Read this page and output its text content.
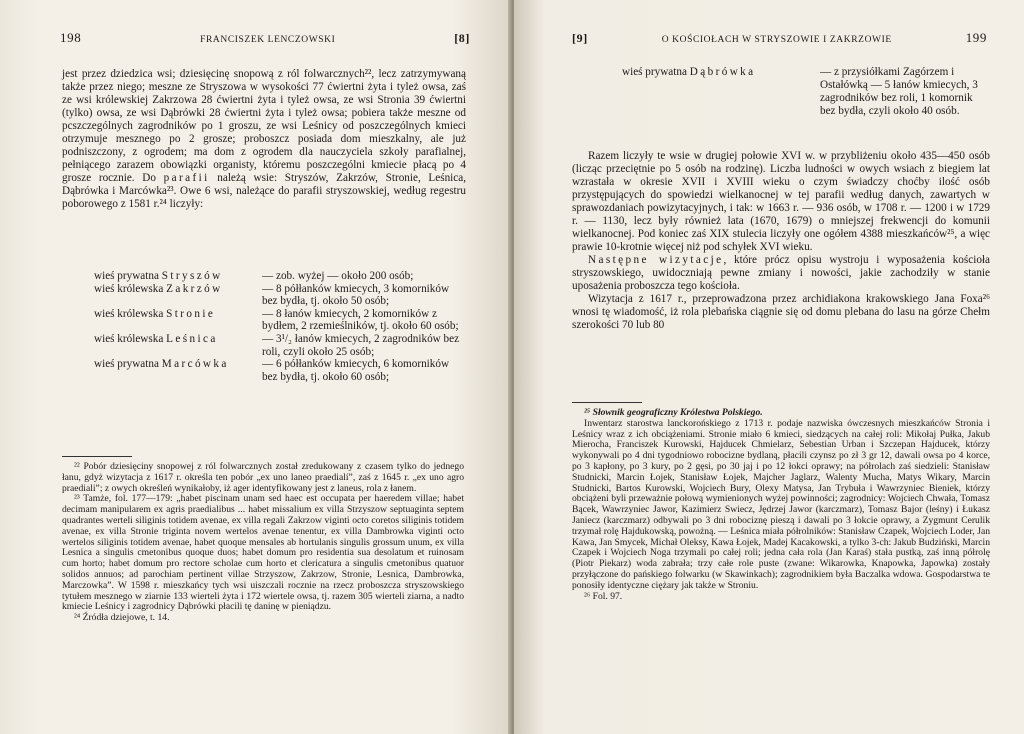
198	FRANCISZEK LENCZOWSKI	[8]

jest przez dziedzica wsi; dziesięcinę snopową z ról folwarcznych²², lecz zatrzymywaną także przez niego; meszne ze Stryszowa w wysokości 77 ćwiertni żyta i tyleż owsa, zaś ze wsi królewskiej Zakrzowa 28 ćwiertni żyta i tyleż owsa, ze wsi Stronia 39 ćwiertni (tylko) owsa, ze wsi Dąbrówki 28 ćwiertni żyta i tyleż owsa; pobiera także meszne od pcszczególnych zagrodników po 1 groszu, ze wsi Leśnicy od poszczególnych kmieci otrzymuje mesznego po 2 grosze; proboszcz posiada dom mieszkalny, ale już podniszczony, z ogrodem; ma dom z ogrodem dla nauczyciela szkoły parafialnej, pełniącego zarazem obowiązki organisty, któremu poszczególni kmiecie płacą po 4 grosze rocznie. Do parafii należą wsie: Stryszów, Zakrzów, Stronie, Leśnica, Dąbrówka i Marcówka²³. Owe 6 wsi, należące do parafii stryszowskiej, według regestru poborowego z 1581 r.²⁴ liczyły:

wieś prywatna Stryszów	— zob. wyżej — około 200 osób;
wieś królewska Zakrzów	— 8 półłanków kmiecych, 3 komorników bez bydła, tj. około 50 osób;
wieś królewska Stronie	— 8 łanów kmiecych, 2 komorników z bydłem, 2 rzemieślników, tj. około 60 osób;
wieś królewska Leśnica	— 3¹/₂ łanów kmiecych, 2 zagrodników bez roli, czyli około 25 osób;
wieś prywatna Marcówka	— 6 półłanków kmiecych, 6 komorników bez bydła, tj. około 60 osób;

²² Pobór dziesięciny snopowej z ról folwarcznych został zredukowany z czasem tylko do jednego łanu, gdyż wizytacja z 1617 r. określa ten pobór „ex uno laneo praedialí”, zaś z 1645 r. „ex uno agro praediali”; z owych określeń wynikałoby, iż ager identyfikowany jest z laneus, rola z łanem.

²³ Tamże, fol. 177—179: „habet piscinam unam sed haec est occupata per haeredem villae; habet decimam manipularem ex agris praedialibus ... habet missalium ex villa Strzyszow septuaginta septem quadrantes werteli siliginis totidem avenae, ex villa regali Zakrzow viginti octo coretos siliginis totidem avenae, ex villa Stronie triginta novem wertelos avenae tenentur, ex villa Dambrowka viginti octo wertelos siliginis totidem avenae, habet quoque mensales ab hortulanis singulis grossum unum, ex villa Lesnica a singulis cmetonibus quoque duos; habet domum pro residentia sua desolatum et ruinosam cum horto; habet domum pro rectore scholae cum horto et clericatura a singulis cmetonibus quatuor solidos annuos; ad parochiam pertinent villae Strzyszow, Zakrzow, Stronie, Lesnica, Dambrowka, Marczowka”. W 1598 r. mieszkańcy tych wsi uiszczali rocznie na rzecz proboszcza stryszowskiego tytułem mesznego w ziarnie 133 wierteli żyta i 172 wiertele owsa, tj. razem 305 wierteli ziarna, a nadto kmiecie Leśnicy i zagrodnicy Dąbrówki płacili tę daninę w pieniądzu.

²⁴ Źródła dziejowe, t. 14.

[9]	O KOŚCIOŁACH W STRYSZOWIE I ZAKRZOWIE	199
wieś prywatna Dąbrówka	— z przysiółkami Zagórzem i Ostałówką — 5 łanów kmiecych, 3 zagrodników bez roli, 1 komornik bez bydła, czyli około 40 osób.

Razem liczyły te wsie w drugiej połowie XVI w. w przybliżeniu około 435—450 osób (licząc przeciętnie po 5 osób na rodzinę). Liczba ludności w owych wsiach z biegiem lat wzrastała w okresie XVII i XVIII wieku o czym świadczy choćby ilość osób przystępujących do spowiedzi wielkanocnej w tej parafii według danych, zawartych w sprawozdaniach powizytacyjnych, i tak: w 1663 r. — 936 osób, w 1708 r. — 1200 i w 1729 r. — 1130, lecz były również lata (1670, 1679) o mniejszej frekwencji do komunii wielkanocnej. Pod koniec zaś XIX stulecia liczyły one ogółem 4388 mieszkańców²⁵, a więc prawie 10-krotnie więcej niż pod schyłek XVI wieku.

Następne wizytacje, które prócz opisu wystroju i wyposażenia kościoła stryszowskiego, uwidoczniają pewne zmiany i nowości, jakie zachodziły w stanie uposażenia proboszcza tego kościoła.

Wizytacja z 1617 r., przeprowadzona przez archidiakona krakowskiego Jana Foxa²⁶ wnosi tę wiadomość, iż rola plebańska ciągnie się od domu plebana do lasu na górze Chełm szerokości 70 lub 80

²⁵ Słownik geograficzny Królestwa Polskiego.

Inwentarz starostwa lanckorońskiego z 1713 r. podaje nazwiska ówczesnych mieszkańców Stronia i Leśnicy wraz z ich obciążeniami. Stronie miało 6 kmieci, siedzących na całej roli: Mikołaj Pułka, Jakub Mierocha, Franciszek Kurowski, Hajducek Chmielarz, Sebestian Urban i Szczepan Hajducek, którzy wykonywali po 4 dni tygodniowo robocizne bydlaną, płacili czynsz po zł 3 gr 12, dawali owsa po 4 korce, po 3 kapłony, po 3 kury, po 2 gęsi, po 30 jaj i po 12 łokci oprawy; na półrolach zaś siedzieli: Stanisław Studnicki, Marcin Łojek, Stanisław Łojek, Majcher Jaglarz, Walenty Mucha, Matys Wikary, Marcin Studnicki, Bartos Kurowski, Wojciech Bury, Olexy Matysa, Jan Trybuła i Wawrzyniec Bieniek, którzy obciążeni byli przeważnie połową wymienionych wyżej powinności; zagrodnicy: Wojciech Chwała, Tomasz Bącek, Wawrzyniec Jawor, Kazimierz Swiecz, Jędrzej Jawor (karczmarz), Tomasz Bajor (leśny) i Łukasz Janiecz (karczmarz) odbywali po 3 dni robociznę pieszą i dawali po 3 łokcie oprawy, a Zygmunt Cerulik trzymał rolę Hajdukowską, powożną. — Leśnica miała półrolników: Stanisław Czapek, Wojciech Loder, Jan Kawa, Jan Smycek, Michał Oleksy, Kawa Łojek, Madej Kacakowski, a tylko 3-ch: Jakub Budziński, Marcin Czapek i Wojciech Noga trzymali po całej roli; jedna cała rola (Jan Karaś) stała pustką, zaś inną półrolę (Piotr Piekarz) woda zabrała; trzy całe role puste (zwane: Wikarowka, Knapowka, Japowka) zostały przyłączone do pańskiego folwarku (w Skawinkach); zagrodnikiem była Baczalka wdowa. Gospodarstwa te ponosiły identyczne ciężary jak także w Stroniu.

²⁶ Fol. 97.
